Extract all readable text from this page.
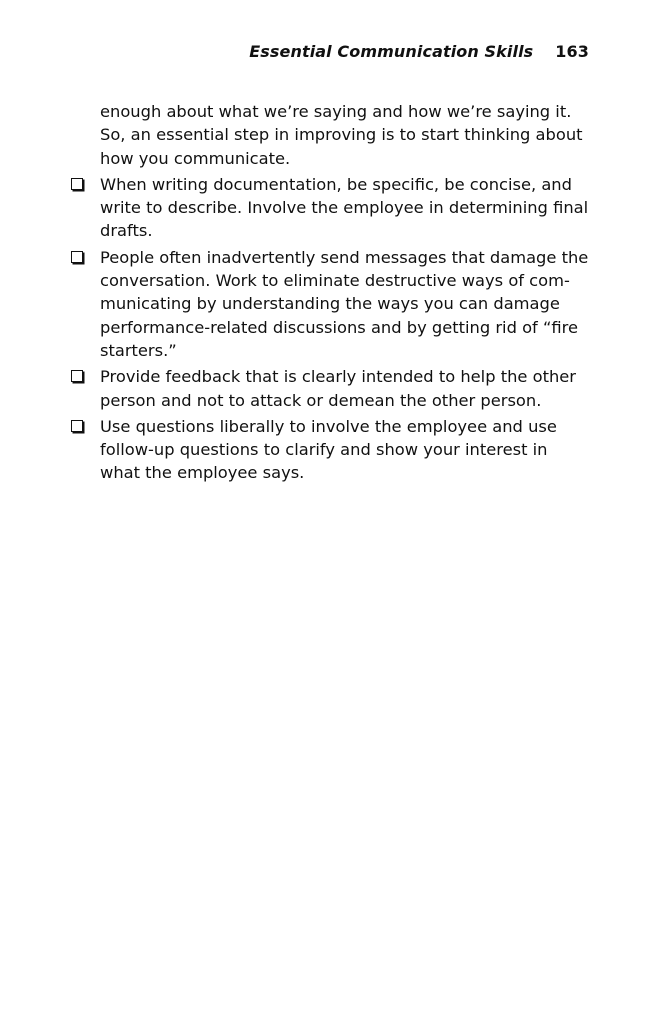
Essential Communication Skills 163

enough about what we’re saying and how we’re saying it.
So, an essential step in improving is to start thinking about
how you communicate.

When writing documentation, be specific, be concise, and
write to describe. Involve the employee in determining final
drafts.
People often inadvertently send messages that damage the
conversation. Work to eliminate destructive ways of com-
municating by understanding the ways you can damage
performance-related discussions and by getting rid of “fire
starters.”
Provide feedback that is clearly intended to help the other
person and not to attack or demean the other person.
Use questions liberally to involve the employee and use
follow-up questions to clarify and show your interest in
what the employee says.
